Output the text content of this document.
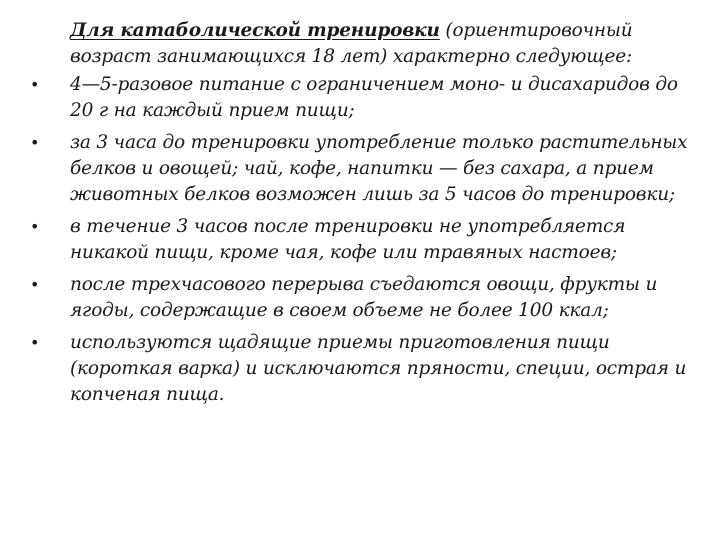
Для катаболической тренировки (ориентировочный возраст занимающихся 18 лет) характерно следующее:

• 4—5-разовое питание с ограничением моно- и дисахаридов до 20 г на каждый прием пищи;
• за 3 часа до тренировки употребление только растительных белков и овощей; чай, кофе, напитки — без сахара, а прием животных белков возможен лишь за 5 часов до тренировки;
• в течение 3 часов после тренировки не употребляется никакой пищи, кроме чая, кофе или травяных настоев;
• после трехчасового перерыва съедаются овощи, фрукты и ягоды, содержащие в своем объеме не более 100 ккал;
• используются щадящие приемы приготовления пищи (короткая варка) и исключаются пряности, специи, острая и копченая пища.
